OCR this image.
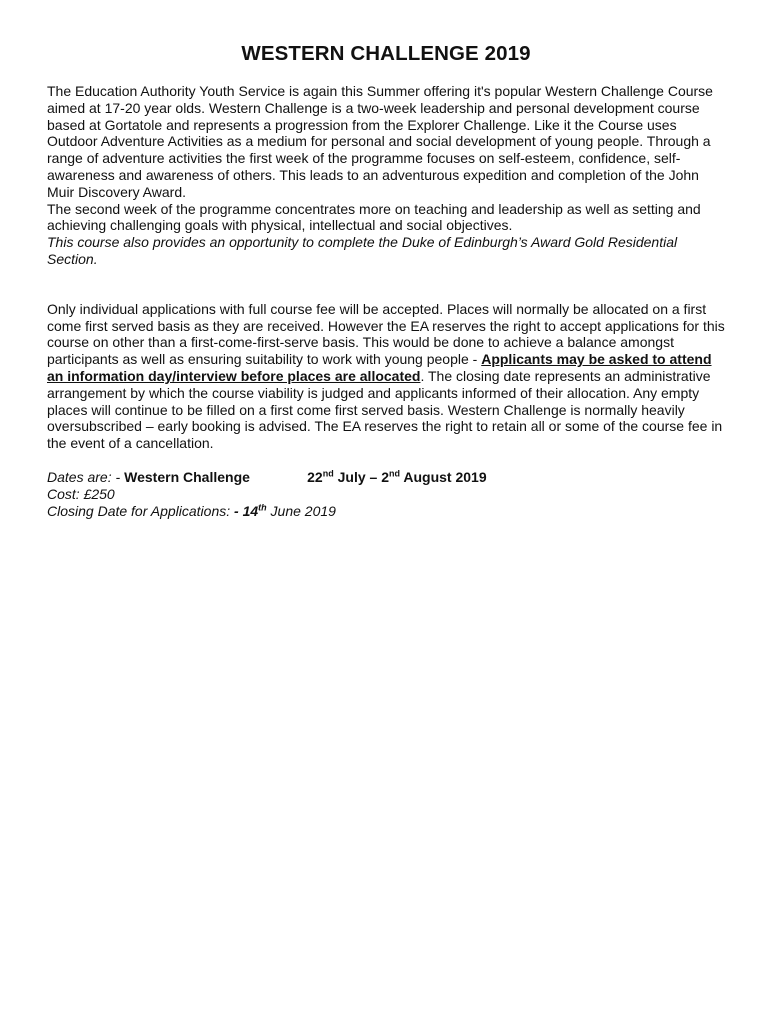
WESTERN CHALLENGE 2019

The Education Authority Youth Service is again this Summer offering it's popular Western Challenge Course aimed at 17-20 year olds. Western Challenge is a two-week leadership and personal development course based at Gortatole and represents a progression from the Explorer Challenge. Like it the Course uses Outdoor Adventure Activities as a medium for personal and social development of young people. Through a range of adventure activities the first week of the programme focuses on self-esteem, confidence, self-awareness and awareness of others. This leads to an adventurous expedition and completion of the John Muir Discovery Award.

The second week of the programme concentrates more on teaching and leadership as well as setting and achieving challenging goals with physical, intellectual and social objectives.

This course also provides an opportunity to complete the Duke of Edinburgh’s Award Gold Residential Section.

Only individual applications with full course fee will be accepted. Places will normally be allocated on a first come first served basis as they are received. However the EA reserves the right to accept applications for this course on other than a first-come-first-serve basis. This would be done to achieve a balance amongst participants as well as ensuring suitability to work with young people - Applicants may be asked to attend an information day/interview before places are allocated. The closing date represents an administrative arrangement by which the course viability is judged and applicants informed of their allocation. Any empty places will continue to be filled on a first come first served basis. Western Challenge is normally heavily oversubscribed – early booking is advised. The EA reserves the right to retain all or some of the course fee in the event of a cancellation.

Dates are: - Western Challenge	22nd July – 2nd August 2019
Cost: £250
Closing Date for Applications: - 14th June 2019
